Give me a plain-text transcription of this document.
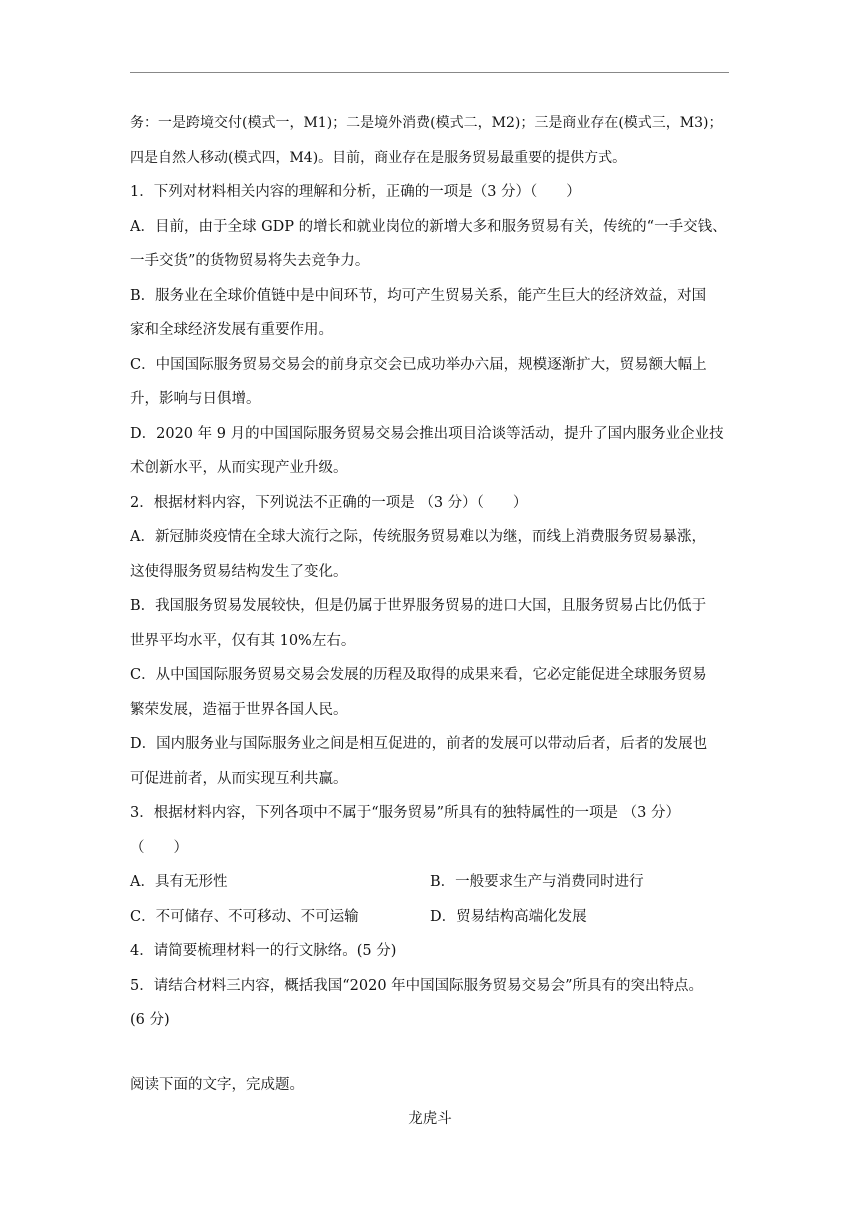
务：一是跨境交付(模式一，M1)；二是境外消费(模式二，M2)；三是商业存在(模式三，M3)；
四是自然人移动(模式四，M4)。目前，商业存在是服务贸易最重要的提供方式。
1．下列对材料相关内容的理解和分析，正确的一项是（3 分）（　　）
A．目前，由于全球 GDP 的增长和就业岗位的新增大多和服务贸易有关，传统的“一手交钱、
一手交货”的货物贸易将失去竞争力。
B．服务业在全球价值链中是中间环节，均可产生贸易关系，能产生巨大的经济效益，对国
家和全球经济发展有重要作用。
C．中国国际服务贸易交易会的前身京交会已成功举办六届，规模逐渐扩大，贸易额大幅上
升，影响与日俱增。
D．2020 年 9 月的中国国际服务贸易交易会推出项目洽谈等活动，提升了国内服务业企业技
术创新水平，从而实现产业升级。
2．根据材料内容，下列说法不正确的一项是 （3 分）（　　）
A．新冠肺炎疫情在全球大流行之际，传统服务贸易难以为继，而线上消费服务贸易暴涨，
这使得服务贸易结构发生了变化。
B．我国服务贸易发展较快，但是仍属于世界服务贸易的进口大国，且服务贸易占比仍低于
世界平均水平，仅有其 10%左右。
C．从中国国际服务贸易交易会发展的历程及取得的成果来看，它必定能促进全球服务贸易
繁荣发展，造福于世界各国人民。
D．国内服务业与国际服务业之间是相互促进的，前者的发展可以带动后者，后者的发展也
可促进前者，从而实现互利共赢。
3．根据材料内容，下列各项中不属于“服务贸易”所具有的独特属性的一项是 （3 分）
（　　）
A．具有无形性	B．一般要求生产与消费同时进行
C．不可储存、不可移动、不可运输	D．贸易结构高端化发展
4．请简要梳理材料一的行文脉络。(5 分)
5．请结合材料三内容，概括我国“2020 年中国国际服务贸易交易会”所具有的突出特点。
(6 分)
阅读下面的文字，完成题。
龙虎斗
